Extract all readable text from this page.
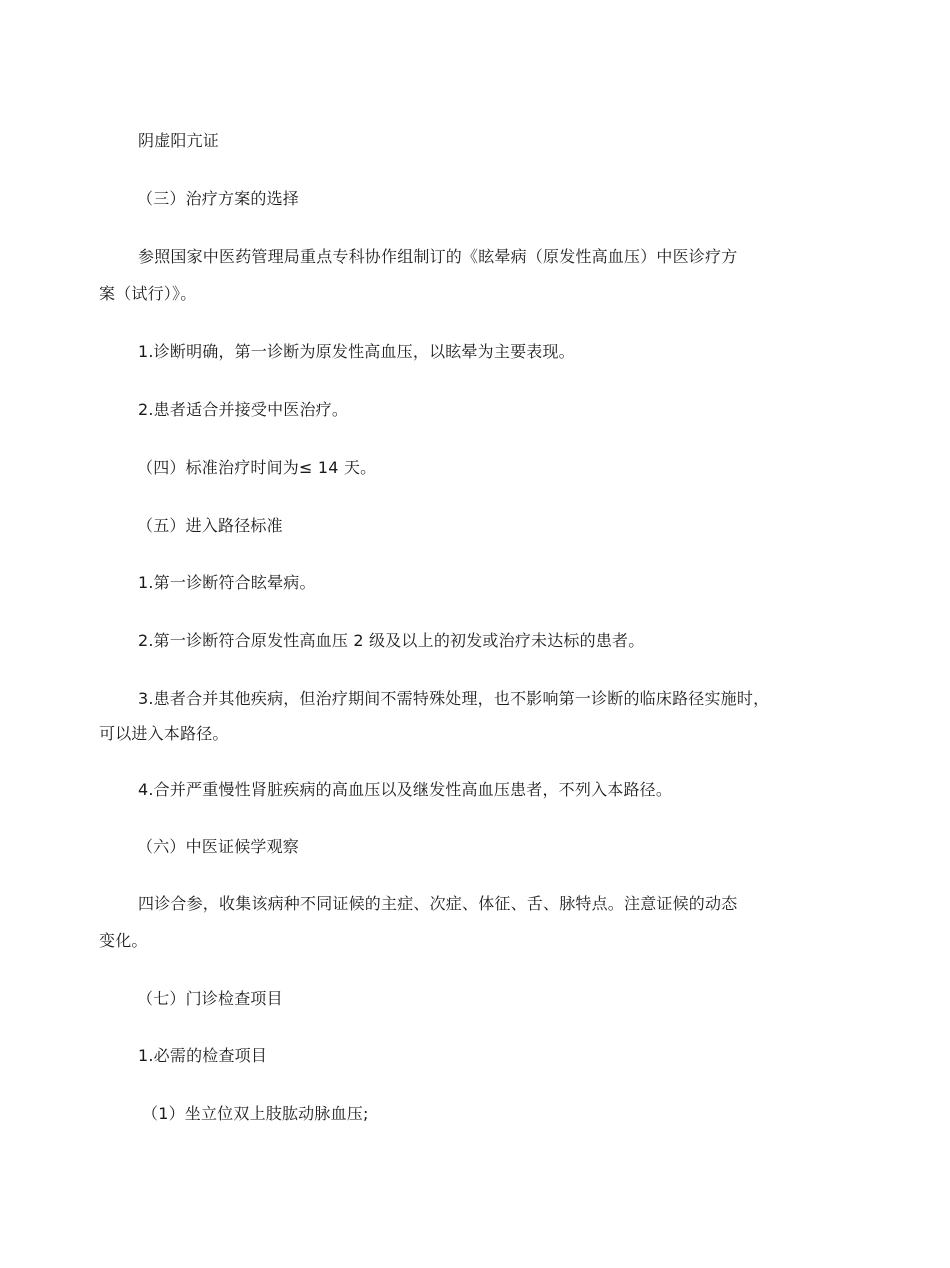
阴虚阳亢证
（三）治疗方案的选择
参照国家中医药管理局重点专科协作组制订的《眩晕病（原发性高血压）中医诊疗方
案（试行）》。
1.诊断明确，第一诊断为原发性高血压，以眩晕为主要表现。
2.患者适合并接受中医治疗。
（四）标准治疗时间为≤ 14 天。
（五）进入路径标准
1.第一诊断符合眩晕病。
2.第一诊断符合原发性高血压 2 级及以上的初发或治疗未达标的患者。
3.患者合并其他疾病，但治疗期间不需特殊处理，也不影响第一诊断的临床路径实施时，
可以进入本路径。
4.合并严重慢性肾脏疾病的高血压以及继发性高血压患者，不列入本路径。
（六）中医证候学观察
四诊合参，收集该病种不同证候的主症、次症、体征、舌、脉特点。注意证候的动态
变化。
（七）门诊检查项目
1.必需的检查项目
（1）坐立位双上肢肱动脉血压;
